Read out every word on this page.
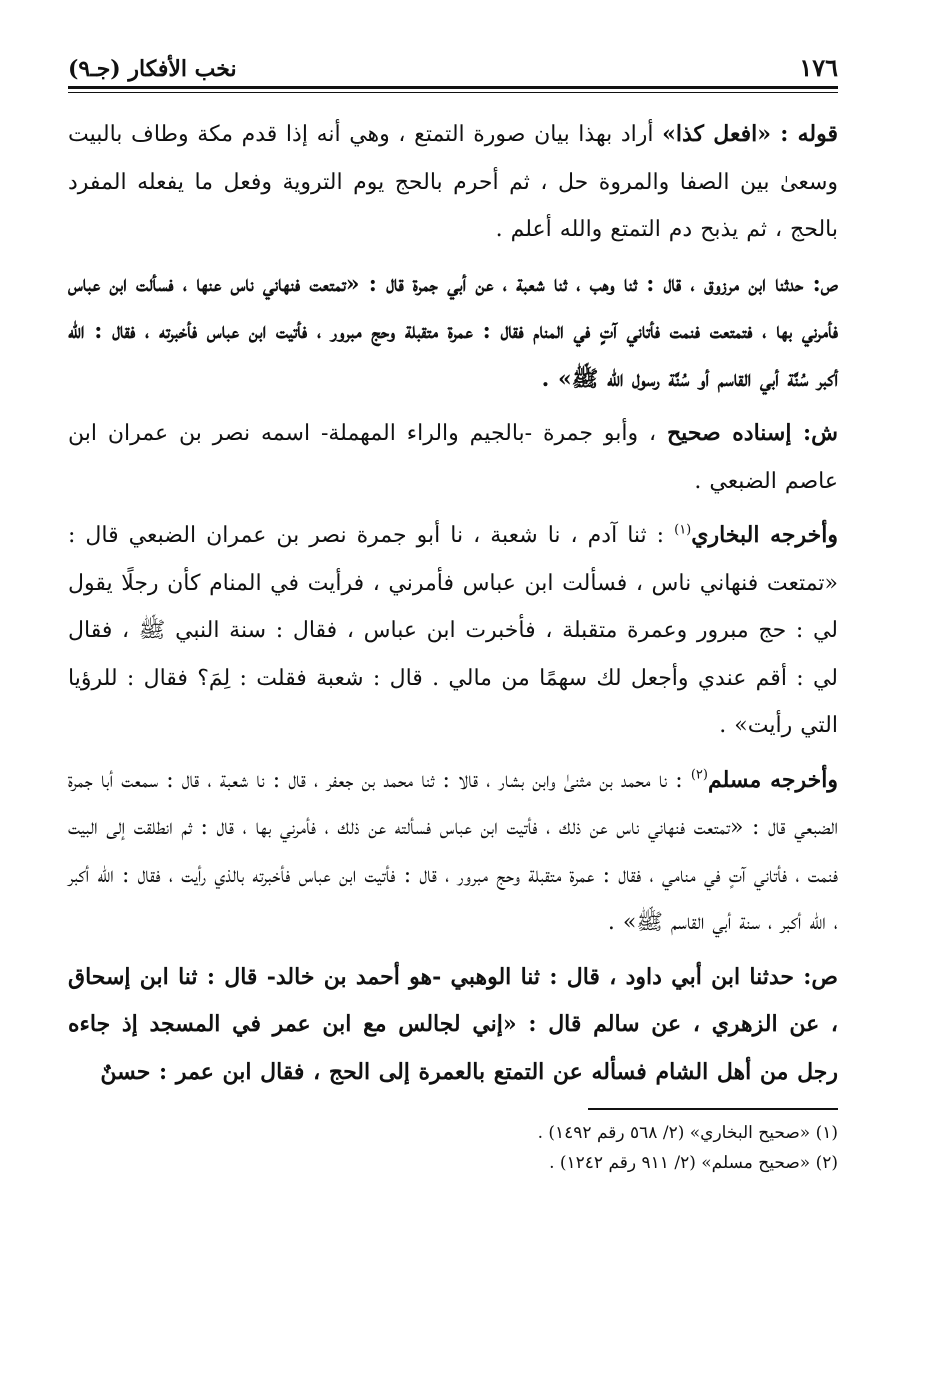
١٧٦
نخب الأفكار (جـ٩)

قوله : «افعل كذا» أراد بهذا بيان صورة التمتع ، وهي أنه إذا قدم مكة وطاف بالبيت وسعىٰ بين الصفا والمروة حل ، ثم أحرم بالحج يوم التروية وفعل ما يفعله المفرد بالحج ، ثم يذبح دم التمتع والله أعلم .

ص: حدثنا ابن مرزوق ، قال : ثنا وهب ، ثنا شعبة ، عن أبي جمرة قال : «تمتعت فنهاني ناس عنها ، فسألت ابن عباس فأمرني بها ، فتمتعت فنمت فأتاني آتٍ في المنام فقال : عمرة متقبلة وحج مبرور ، فأتيت ابن عباس فأخبرته ، فقال : الله أكبر سُنَّة أبي القاسم أو سُنَّة رسول الله ﷺ» .

ش: إسناده صحيح ، وأبو جمرة -بالجيم والراء المهملة- اسمه نصر بن عمران ابن عاصم الضبعي .

وأخرجه البخاري$^{(١)}$ : ثنا آدم ، نا شعبة ، نا أبو جمرة نصر بن عمران الضبعي قال : «تمتعت فنهاني ناس ، فسألت ابن عباس فأمرني ، فرأيت في المنام كأن رجلًا يقول لي : حج مبرور وعمرة متقبلة ، فأخبرت ابن عباس ، فقال : سنة النبي ﷺ ، فقال لي : أقم عندي وأجعل لك سهمًا من مالي . قال : شعبة فقلت : لِمَ؟ فقال : للرؤيا التي رأيت» .

وأخرجه مسلم$^{(٢)}$ : نا محمد بن مثنىٰ وابن بشار ، قالا : ثنا محمد بن جعفر ، قال : نا شعبة ، قال : سمعت أبا جمرة الضبعي قال : «تمتعت فنهاني ناس عن ذلك ، فأتيت ابن عباس فسألته عن ذلك ، فأمرني بها ، قال : ثم انطلقت إلى البيت فنمت ، فأتاني آتٍ في منامي ، فقال : عمرة متقبلة وحج مبرور ، قال : فأتيت ابن عباس فأخبرته بالذي رأيت ، فقال : الله أكبر ، الله أكبر ، سنة أبي القاسم ﷺ» .

ص: حدثنا ابن أبي داود ، قال : ثنا الوهبي -هو أحمد بن خالد- قال : ثنا ابن إسحاق ، عن الزهري ، عن سالم قال : «إني لجالس مع ابن عمر في المسجد إذ جاءه رجل من أهل الشام فسأله عن التمتع بالعمرة إلى الحج ، فقال ابن عمر : حسنٌ

(١) «صحيح البخاري» (٢/ ٥٦٨ رقم ١٤٩٢) .

(٢) «صحيح مسلم» (٢/ ٩١١ رقم ١٢٤٢) .
